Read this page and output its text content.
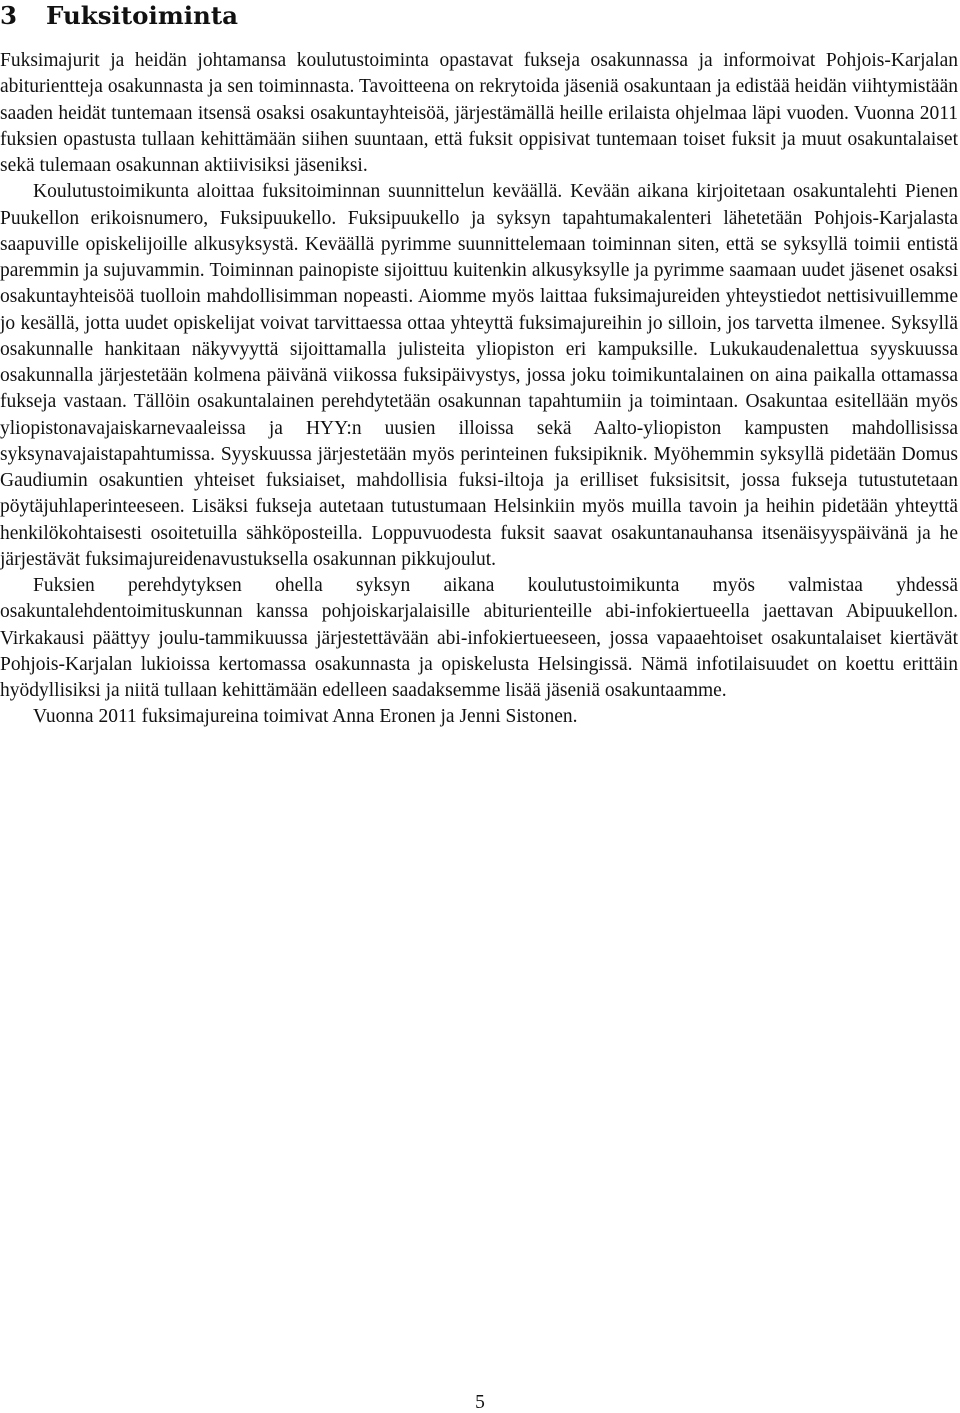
3 Fuksitoiminta

Fuksimajurit ja heidän johtamansa koulutustoiminta opastavat fukseja osakunnassa ja informoivat Pohjois-Karjalan abiturientteja osakunnasta ja sen toiminnasta. Tavoitteena on rekrytoida jäseniä osakuntaan ja edistää heidän viihtymistään saaden heidät tuntemaan itsensä osaksi osakuntayhteisöä, järjestämällä heille erilaista ohjelmaa läpi vuoden. Vuonna 2011 fuksien opastusta tullaan kehittämään siihen suuntaan, että fuksit oppisivat tuntemaan toiset fuksit ja muut osakuntalaiset sekä tulemaan osakunnan aktiivisiksi jäseniksi.

Koulutustoimikunta aloittaa fuksitoiminnan suunnittelun keväällä. Kevään aikana kirjoitetaan osakuntalehti Pienen Puukellon erikoisnumero, Fuksipuukello. Fuksipuukello ja syksyn tapahtumakalenteri lähetetään Pohjois-Karjalasta saapuville opiskelijoille alkusyksystä. Keväällä pyrimme suunnittelemaan toiminnan siten, että se syksyllä toimii entistä paremmin ja sujuvammin. Toiminnan painopiste sijoittuu kuitenkin alkusyksylle ja pyrimme saamaan uudet jäsenet osaksi osakuntayhteisöä tuolloin mahdollisimman nopeasti. Aiomme myös laittaa fuksimajureiden yhteystiedot nettisivuillemme jo kesällä, jotta uudet opiskelijat voivat tarvittaessa ottaa yhteyttä fuksimajureihin jo silloin, jos tarvetta ilmenee. Syksyllä osakunnalle hankitaan näkyvyyttä sijoittamalla julisteita yliopiston eri kampuksille. Lukukaudenalettua syyskuussa osakunnalla järjestetään kolmena päivänä viikossa fuksipäivystys, jossa joku toimikuntalainen on aina paikalla ottamassa fukseja vastaan. Tällöin osakuntalainen perehdytetään osakunnan tapahtumiin ja toimintaan. Osakuntaa esitellään myös yliopistonavajaiskarnevaaleissa ja HYY:n uusien illoissa sekä Aalto-yliopiston kampusten mahdollisissa syksynavajaistapahtumissa. Syyskuussa järjestetään myös perinteinen fuksipiknik. Myöhemmin syksyllä pidetään Domus Gaudiumin osakuntien yhteiset fuksiaiset, mahdollisia fuksi-iltoja ja erilliset fuksisitsit, jossa fukseja tutustutetaan pöytäjuhlaperinteeseen. Lisäksi fukseja autetaan tutustumaan Helsinkiin myös muilla tavoin ja heihin pidetään yhteyttä henkilökohtaisesti osoitetuilla sähköposteilla. Loppuvuodesta fuksit saavat osakuntanauhansa itsenäisyyspäivänä ja he järjestävät fuksimajureidenavustuksella osakunnan pikkujoulut.

Fuksien perehdytyksen ohella syksyn aikana koulutustoimikunta myös valmistaa yhdessä osakuntalehdentoimituskunnan kanssa pohjoiskarjalaisille abiturienteille abi-infokiertueella jaettavan Abipuukellon. Virkakausi päättyy joulu-tammikuussa järjestettävään abi-infokiertueeseen, jossa vapaaehtoiset osakuntalaiset kiertävät Pohjois-Karjalan lukioissa kertomassa osakunnasta ja opiskelusta Helsingissä. Nämä infotilaisuudet on koettu erittäin hyödyllisiksi ja niitä tullaan kehittämään edelleen saadaksemme lisää jäseniä osakuntaamme.

Vuonna 2011 fuksimajureina toimivat Anna Eronen ja Jenni Sistonen.

5
